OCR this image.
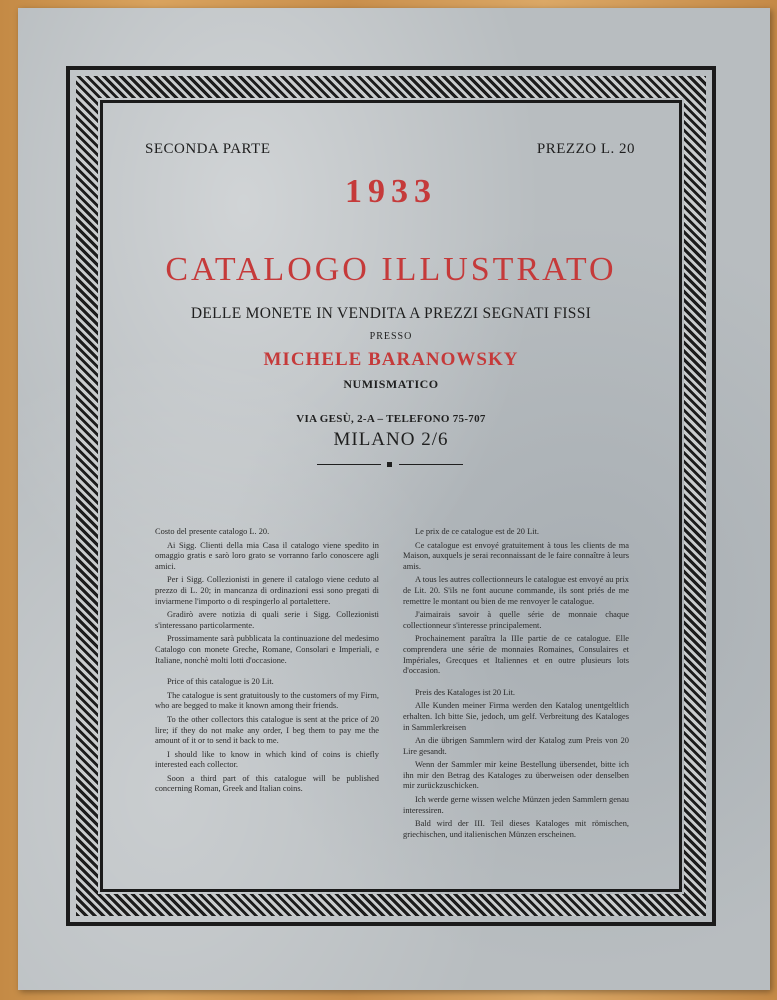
SECONDA PARTE	PREZZO L. 20
1933
CATALOGO ILLUSTRATO
DELLE MONETE IN VENDITA A PREZZI SEGNATI FISSI
PRESSO
MICHELE BARANOWSKY
NUMISMATICO
VIA GESÙ, 2-A – TELEFONO 75-707
MILANO 2/6

Costo del presente catalogo L. 20.

Ai Sigg. Clienti della mia Casa il catalogo viene spedito in omaggio gratis e sarò loro grato se vorranno farlo conoscere agli amici.

Per i Sigg. Collezionisti in genere il catalogo viene ceduto al prezzo di L. 20; in mancanza di ordinazioni essi sono pregati di inviarmene l'importo o di respingerlo al portalettere.

Gradirò avere notizia di quali serie i Sigg. Collezionisti s'interessano particolarmente.

Prossimamente sarà pubblicata la continuazione del medesimo Catalogo con monete Greche, Romane, Consolari e Imperiali, e Italiane, nonchè molti lotti d'occasione.

Price of this catalogue is 20 Lit.

The catalogue is sent gratuitously to the customers of my Firm, who are begged to make it known among their friends.

To the other collectors this catalogue is sent at the price of 20 lire; if they do not make any order, I beg them to pay me the amount of it or to send it back to me.

I should like to know in which kind of coins is chiefly interested each collector.

Soon a third part of this catalogue will be published concerning Roman, Greek and Italian coins.

Le prix de ce catalogue est de 20 Lit.

Ce catalogue est envoyé gratuitement à tous les clients de ma Maison, auxquels je serai reconnaissant de le faire connaître à leurs amis.

A tous les autres collectionneurs le catalogue est envoyé au prix de Lit. 20. S'ils ne font aucune commande, ils sont priés de me remettre le montant ou bien de me renvoyer le catalogue.

J'aimairais savoir à quelle série de monnaie chaque collectionneur s'interesse principalement.

Prochainement paraîtra la IIIe partie de ce catalogue. Elle comprendera une série de monnaies Romaines, Consulaires et Impériales, Grecques et Italiennes et en outre plusieurs lots d'occasion.

Preis des Kataloges ist 20 Lit.

Alle Kunden meiner Firma werden den Katalog unentgeltlich erhalten. Ich bitte Sie, jedoch, um gelf. Verbreitung des Kataloges in Sammlerkreisen

An die übrigen Sammlern wird der Katalog zum Preis von 20 Lire gesandt.

Wenn der Sammler mir keine Bestellung übersendet, bitte ich ihn mir den Betrag des Kataloges zu überweisen oder denselben mir zurückzuschicken.

Ich werde gerne wissen welche Münzen jeden Sammlern genau interessiren.

Bald wird der III. Teil dieses Kataloges mit römischen, griechischen, und italienischen Münzen erscheinen.
